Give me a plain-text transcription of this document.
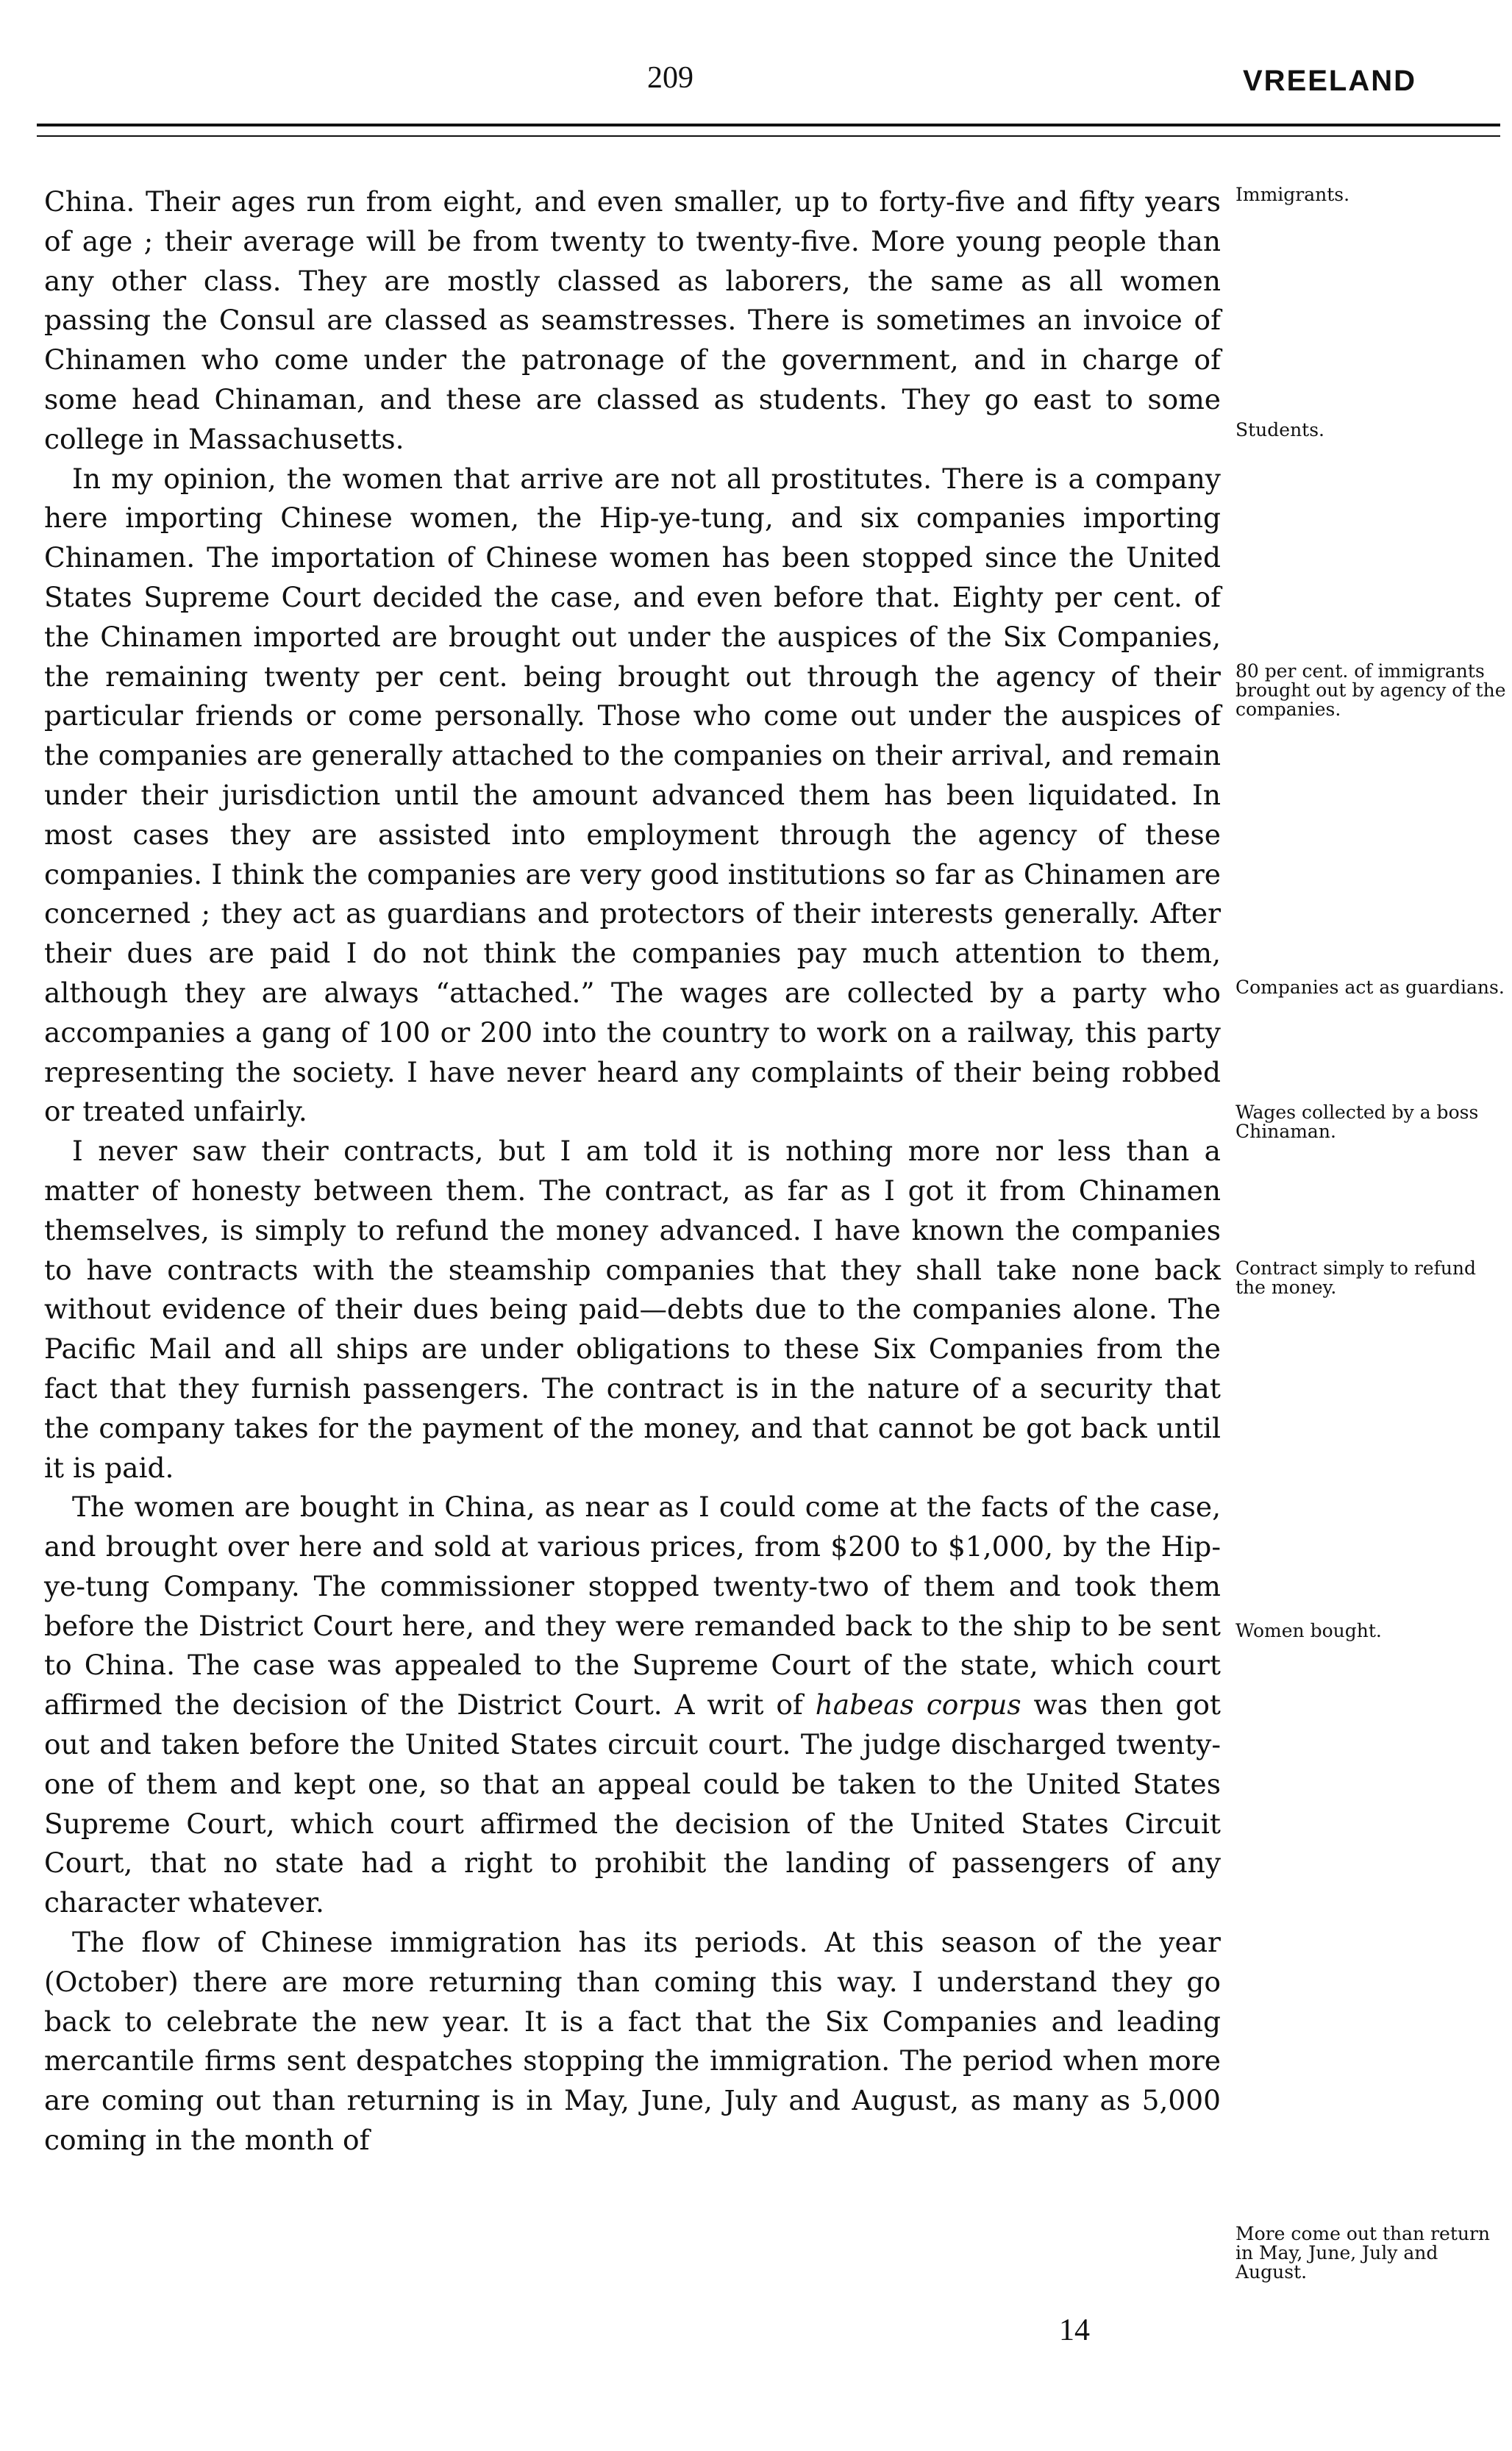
209	VREELAND

China. Their ages run from eight, and even smaller, up to forty-five and fifty years of age ; their average will be from twenty to twenty-five. More young people than any other class. They are mostly classed as laborers, the same as all women passing the Consul are classed as seamstresses. There is sometimes an invoice of Chinamen who come under the patronage of the government, and in charge of some head Chinaman, and these are classed as students. They go east to some college in Massachusetts.

In my opinion, the women that arrive are not all prostitutes. There is a company here importing Chinese women, the Hip-ye-tung, and six companies importing Chinamen. The importation of Chinese women has been stopped since the United States Supreme Court decided the case, and even before that. Eighty per cent. of the Chinamen imported are brought out under the auspices of the Six Companies, the remaining twenty per cent. being brought out through the agency of their particular friends or come personally. Those who come out under the auspices of the companies are generally attached to the companies on their arrival, and remain under their jurisdiction until the amount advanced them has been liquidated. In most cases they are assisted into employment through the agency of these companies. I think the companies are very good institutions so far as Chinamen are concerned ; they act as guardians and protectors of their interests generally. After their dues are paid I do not think the companies pay much attention to them, although they are always “attached.” The wages are collected by a party who accompanies a gang of 100 or 200 into the country to work on a railway, this party representing the society. I have never heard any complaints of their being robbed or treated unfairly.

I never saw their contracts, but I am told it is nothing more nor less than a matter of honesty between them. The contract, as far as I got it from Chinamen themselves, is simply to refund the money advanced. I have known the companies to have contracts with the steamship companies that they shall take none back without evidence of their dues being paid—debts due to the companies alone. The Pacific Mail and all ships are under obligations to these Six Companies from the fact that they furnish passengers. The contract is in the nature of a security that the company takes for the payment of the money, and that cannot be got back until it is paid.

The women are bought in China, as near as I could come at the facts of the case, and brought over here and sold at various prices, from $200 to $1,000, by the Hip-ye-tung Company. The commissioner stopped twenty-two of them and took them before the District Court here, and they were remanded back to the ship to be sent to China. The case was appealed to the Supreme Court of the state, which court affirmed the decision of the District Court. A writ of habeas corpus was then got out and taken before the United States circuit court. The judge discharged twenty-one of them and kept one, so that an appeal could be taken to the United States Supreme Court, which court affirmed the decision of the United States Circuit Court, that no state had a right to prohibit the landing of passengers of any character whatever.

The flow of Chinese immigration has its periods. At this season of the year (October) there are more returning than coming this way. I understand they go back to celebrate the new year. It is a fact that the Six Companies and leading mercantile firms sent despatches stopping the immigration. The period when more are coming out than returning is in May, June, July and August, as many as 5,000 coming in the month of

Immigrants.
Students.
80 per cent. of immigrants brought out by agency of the companies.
Companies act as guardians.
Wages collected by a boss Chinaman.
Contract simply to refund the money.
Women bought.
More come out than return in May, June, July and August.
14
